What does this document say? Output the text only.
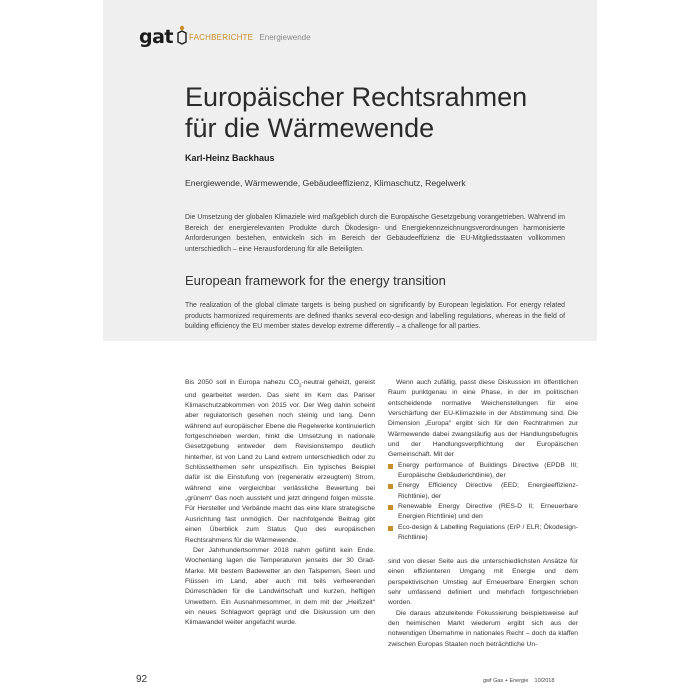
gat FACHBERICHTE Energiewende
Europäischer Rechtsrahmen
für die Wärmewende
Karl-Heinz Backhaus
Energiewende, Wärmewende, Gebäudeeffizienz, Klimaschutz, Regelwerk

Die Umsetzung der globalen Klimaziele wird maßgeblich durch die Europäische Gesetzgebung vorangetrieben. Während im Bereich der energierelevanten Produkte durch Ökodesign- und Energiekennzeichnungsverordnungen harmonisierte Anforderungen bestehen, entwickeln sich im Bereich der Gebäudeeffizienz die EU-Mitgliedsstaaten vollkommen unterschiedlich – eine Herausforderung für alle Beteiligten.

European framework for the energy transition

The realization of the global climate targets is being pushed on significantly by European legislation. For energy related products harmonized requirements are defined thanks several eco-design and labelling regulations, whereas in the field of building efficiency the EU member states develop extreme differently – a challenge for all parties.

Bis 2050 soll in Europa nahezu $CO_2$-neutral geheizt, gereist und gearbeitet werden. Das sieht im Kern das Pariser Klimaschutzabkommen von 2015 vor. Der Weg dahin scheint aber regulatorisch gesehen noch steinig und lang. Denn während auf europäischer Ebene die Regelwerke kontinuierlich fortgeschrieben werden, hinkt die Umsetzung in nationale Gesetzgebung entweder dem Revisionstempo deutlich hinterher, ist von Land zu Land extrem unterschiedlich oder zu Schlüsselthemen sehr unspezifisch. Ein typisches Beispiel dafür ist die Einstufung von (regenerativ erzeugtem) Strom, während eine vergleichbar verlässliche Bewertung bei „grünem“ Gas noch aussteht und jetzt dringend folgen müsste. Für Hersteller und Verbände macht das eine klare strategische Ausrichtung fast unmöglich. Der nachfolgende Beitrag gibt einen Überblick zum Status Quo des europäischen Rechtsrahmens für die Wärmewende.

Der Jahrhundertsommer 2018 nahm gefühlt kein Ende. Wochenlang lagen die Temperaturen jenseits der 30 Grad-Marke. Mit bestem Badewetter an den Talsperren, Seen und Flüssen im Land, aber auch mit teils verheerenden Dürreschäden für die Landwirtschaft und kurzen, heftigen Unwettern. Ein Ausnahmesommer, in dem mit der „Heißzeit“ ein neues Schlagwort geprägt und die Diskussion um den Klimawandel weiter angefacht wurde.

Wenn auch zufällig, passt diese Diskussion im öffentlichen Raum punktgenau in eine Phase, in der im politischen entscheidende normative Weichenstellungen für eine Verschärfung der EU-Klimaziele in der Abstimmung sind. Die Dimension „Europa“ ergibt sich für den Rechtrahmen zur Wärmewende dabei zwangsläufig aus der Handlungsbefugnis und der Handlungsverpflichtung der Europäischen Gemeinschaft. Mit der

Energy performance of Buildings Directive (EPDB III; Europäische Gebäuderichtlinie), der
Energy Efficiency Directive (EED; Energieeffizienz-Richtlinie), der
Renewable Energy Directive (RES-D II; Erneuerbare Energien Richtlinie) und den
Eco-design & Labelling Regulations (ErP / ELR; Ökodesign-Richtlinie)

sind von dieser Seite aus die unterschiedlichsten Ansätze für einen effizienteren Umgang mit Energie und dem perspektivischen Umstieg auf Erneuerbare Energien schon sehr umfassend definiert und mehrfach fortgeschrieben worden.

Die daraus abzuleitende Fokussierung beispielsweise auf den heimischen Markt wiederum ergibt sich aus der notwendigen Übernahme in nationales Recht – doch da klaffen zwischen Europas Staaten noch beträchtliche Un-

92	gwf Gas + Energie 10/2018
